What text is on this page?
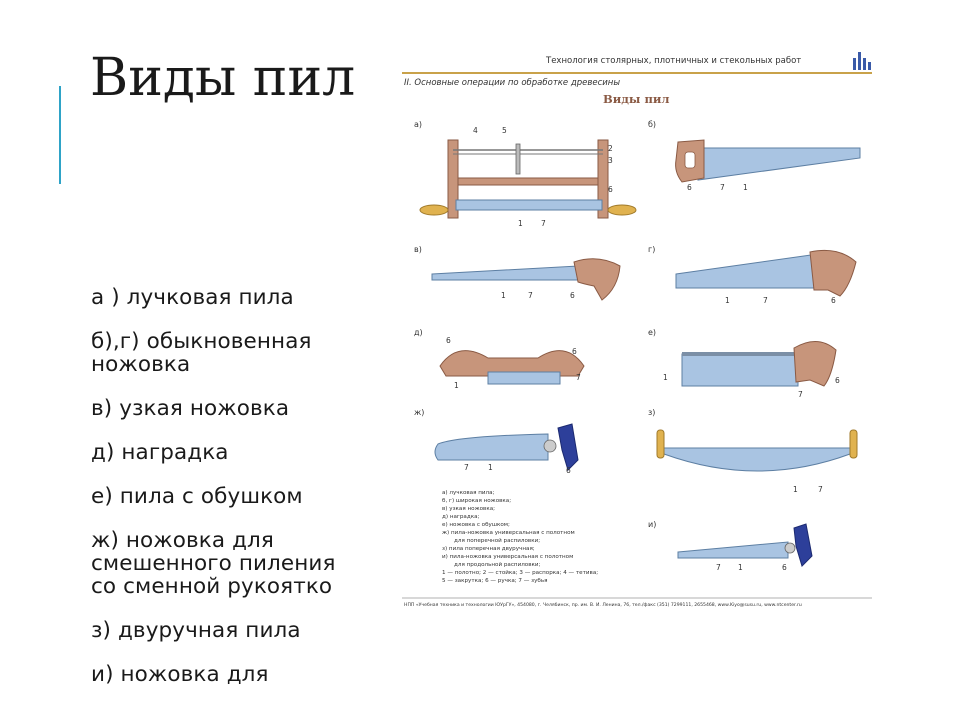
Виды пил
а ) лучковая пила
б),г) обыкновенная
ножовка
в) узкая ножовка
д) наградка
е) пила с обушком
ж) ножовка для
смешенного пиления
со сменной рукоятко
з) двуручная пила
и) ножовка для
Технология столярных, плотничных и стекольных работ
II. Основные операции по обработке древесины
Виды пил
а)	б)
в)	г)
д)	е)
ж)	з)
и)
4	5
2
3
6
1 7
6	7 1
1	7	6
1	7	6
6
6
1
7	1	6
7
7	1	6
1	7
7 1	6
а) лучковая пила;
б, г) широкая ножовка;
в) узкая ножовка;
д) наградка;
е) ножовка с обушком;
ж) пила-ножовка универсальная с полотном
для поперечной распиловки;
з) пила поперечная двуручная;
и) пила-ножовка универсальная с полотном
для продольной распиловки;
1 — полотно; 2 — стойка; 3 — распорка; 4 — тетива;
5 — закрутка; 6 — ручка; 7 — зубья
НПП «Учебная техника и технологии ЮУрГУ», 454080, г. Челябинск, пр. им. В. И. Ленина, 76, тел./факс (351) 7299111, 2655468, www.Kiyo@susu.ru, www.ntcenter.ru
